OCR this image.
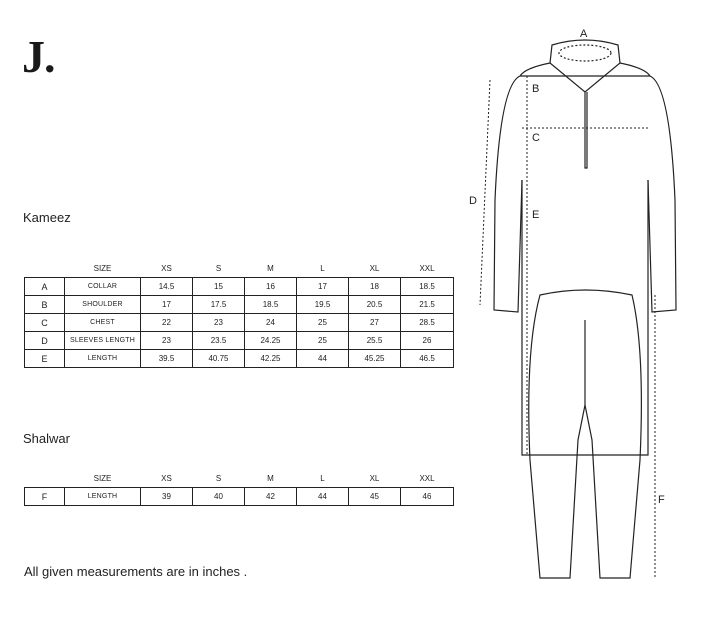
J.
Kameez
	SIZE	XS	S	M	L	XL	XXL
A	COLLAR	14.5	15	16	17	18	18.5
B	SHOULDER	17	17.5	18.5	19.5	20.5	21.5
C	CHEST	22	23	24	25	27	28.5
D	SLEEVES LENGTH	23	23.5	24.25	25	25.5	26
E	LENGTH	39.5	40.75	42.25	44	45.25	46.5
Shalwar
	SIZE	XS	S	M	L	XL	XXL
F	LENGTH	39	40	42	44	45	46
All given measurements are in inches .
A
B
C
D
E
F
